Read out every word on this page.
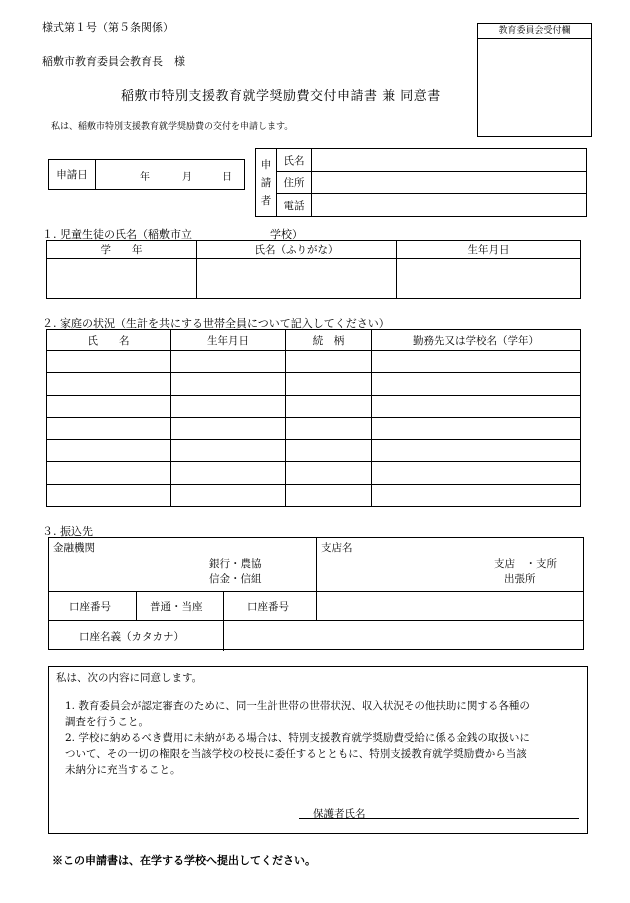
様式第１号（第５条関係）
稲敷市教育委員会教育長　様
教育委員会受付欄
稲敷市特別支援教育就学奨励費交付申請書 兼 同意書
私は、稲敷市特別支援教育就学奨励費の交付を申請します。
申請日	年	月	日
申請者	氏名	
	住所	
	電話	
１. 児童生徒の氏名（稲敷市立	学校）
学　　年	氏名（ふりがな）	生年月日

２. 家庭の状況（生計を共にする世帯全員について記入してください）
氏　　名	生年月日	続　柄	勤務先又は学校名（学年）

３. 振込先
金融機関
銀行・農協
信金・信組
支店名
支店　・支所
出張所
口座番号	普通・当座	口座番号
口座名義（カタカナ）
私は、次の内容に同意します。
1. 教育委員会が認定審査のために、同一生計世帯の世帯状況、収入状況その他扶助に関する各種の
調査を行うこと。
2. 学校に納めるべき費用に未納がある場合は、特別支援教育就学奨励費受給に係る金銭の取扱いに
ついて、その一切の権限を当該学校の校長に委任するとともに、特別支援教育就学奨励費から当該
未納分に充当すること。
保護者氏名
※この申請書は、在学する学校へ提出してください。
